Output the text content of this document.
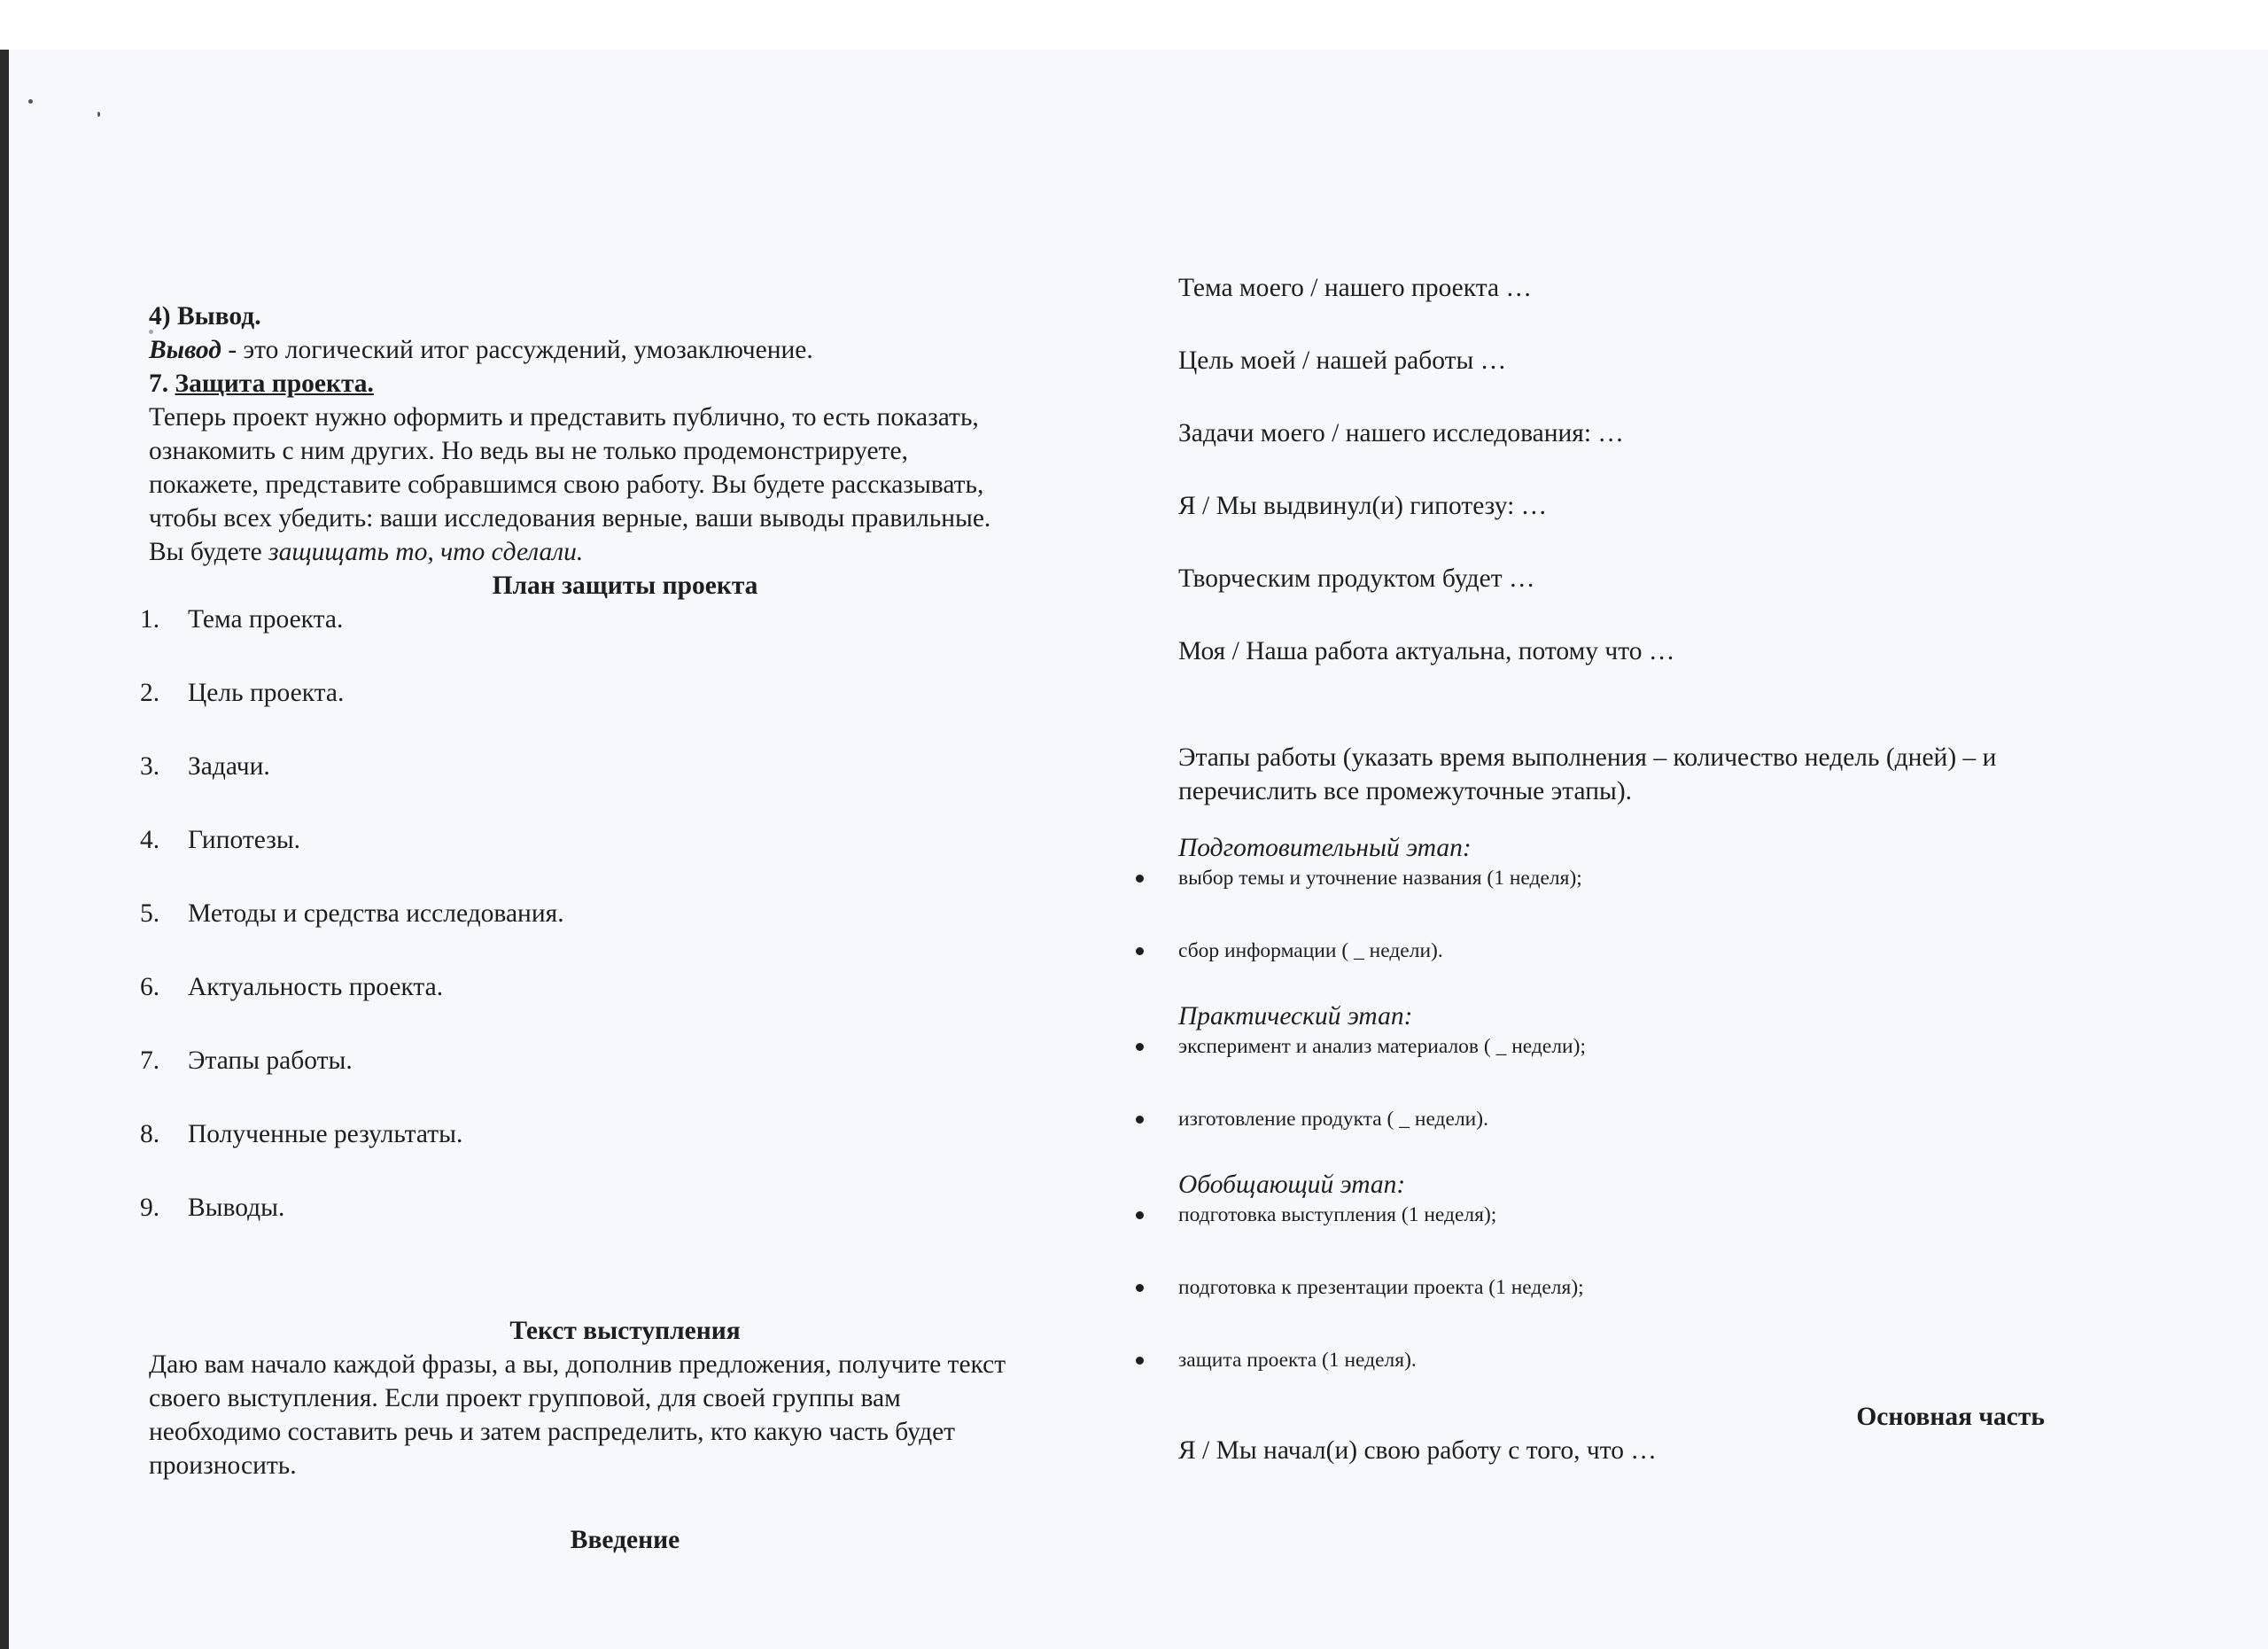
4) Вывод.

Вывод - это логический итог рассуждений, умозаключение.

7. Защита проекта.

Теперь проект нужно оформить и представить публично, то есть показать,

ознакомить с ним других. Но ведь вы не только продемонстрируете,

покажете, представите собравшимся свою работу. Вы будете рассказывать,

чтобы всех убедить: ваши исследования верные, ваши выводы правильные.

Вы будете защищать то, что сделали.

План защиты проекта

1. Тема проекта.
2. Цель проекта.
3. Задачи.
4. Гипотезы.
5. Методы и средства исследования.
6. Актуальность проекта.
7. Этапы работы.
8. Полученные результаты.
9. Выводы.

Текст выступления

Даю вам начало каждой фразы, а вы, дополнив предложения, получите текст

своего выступления. Если проект групповой, для своей группы вам

необходимо составить речь и затем распределить, кто какую часть будет

произносить.

Введение

Тема моего / нашего проекта …

Цель моей / нашей работы …

Задачи моего / нашего исследования: …

Я / Мы выдвинул(и) гипотезу: …

Творческим продуктом будет …

Моя / Наша работа актуальна, потому что …

Этапы работы (указать время выполнения – количество недель (дней) – и

перечислить все промежуточные этапы).

Подготовительный этап:

выбор темы и уточнение названия (1 неделя);

сбор информации ( _ недели).

Практический этап:

эксперимент и анализ материалов ( _ недели);

изготовление продукта ( _ недели).

Обобщающий этап:

подготовка выступления (1 неделя);

подготовка к презентации проекта (1 неделя);

защита проекта (1 неделя).

Основная часть

Я / Мы начал(и) свою работу с того, что …
